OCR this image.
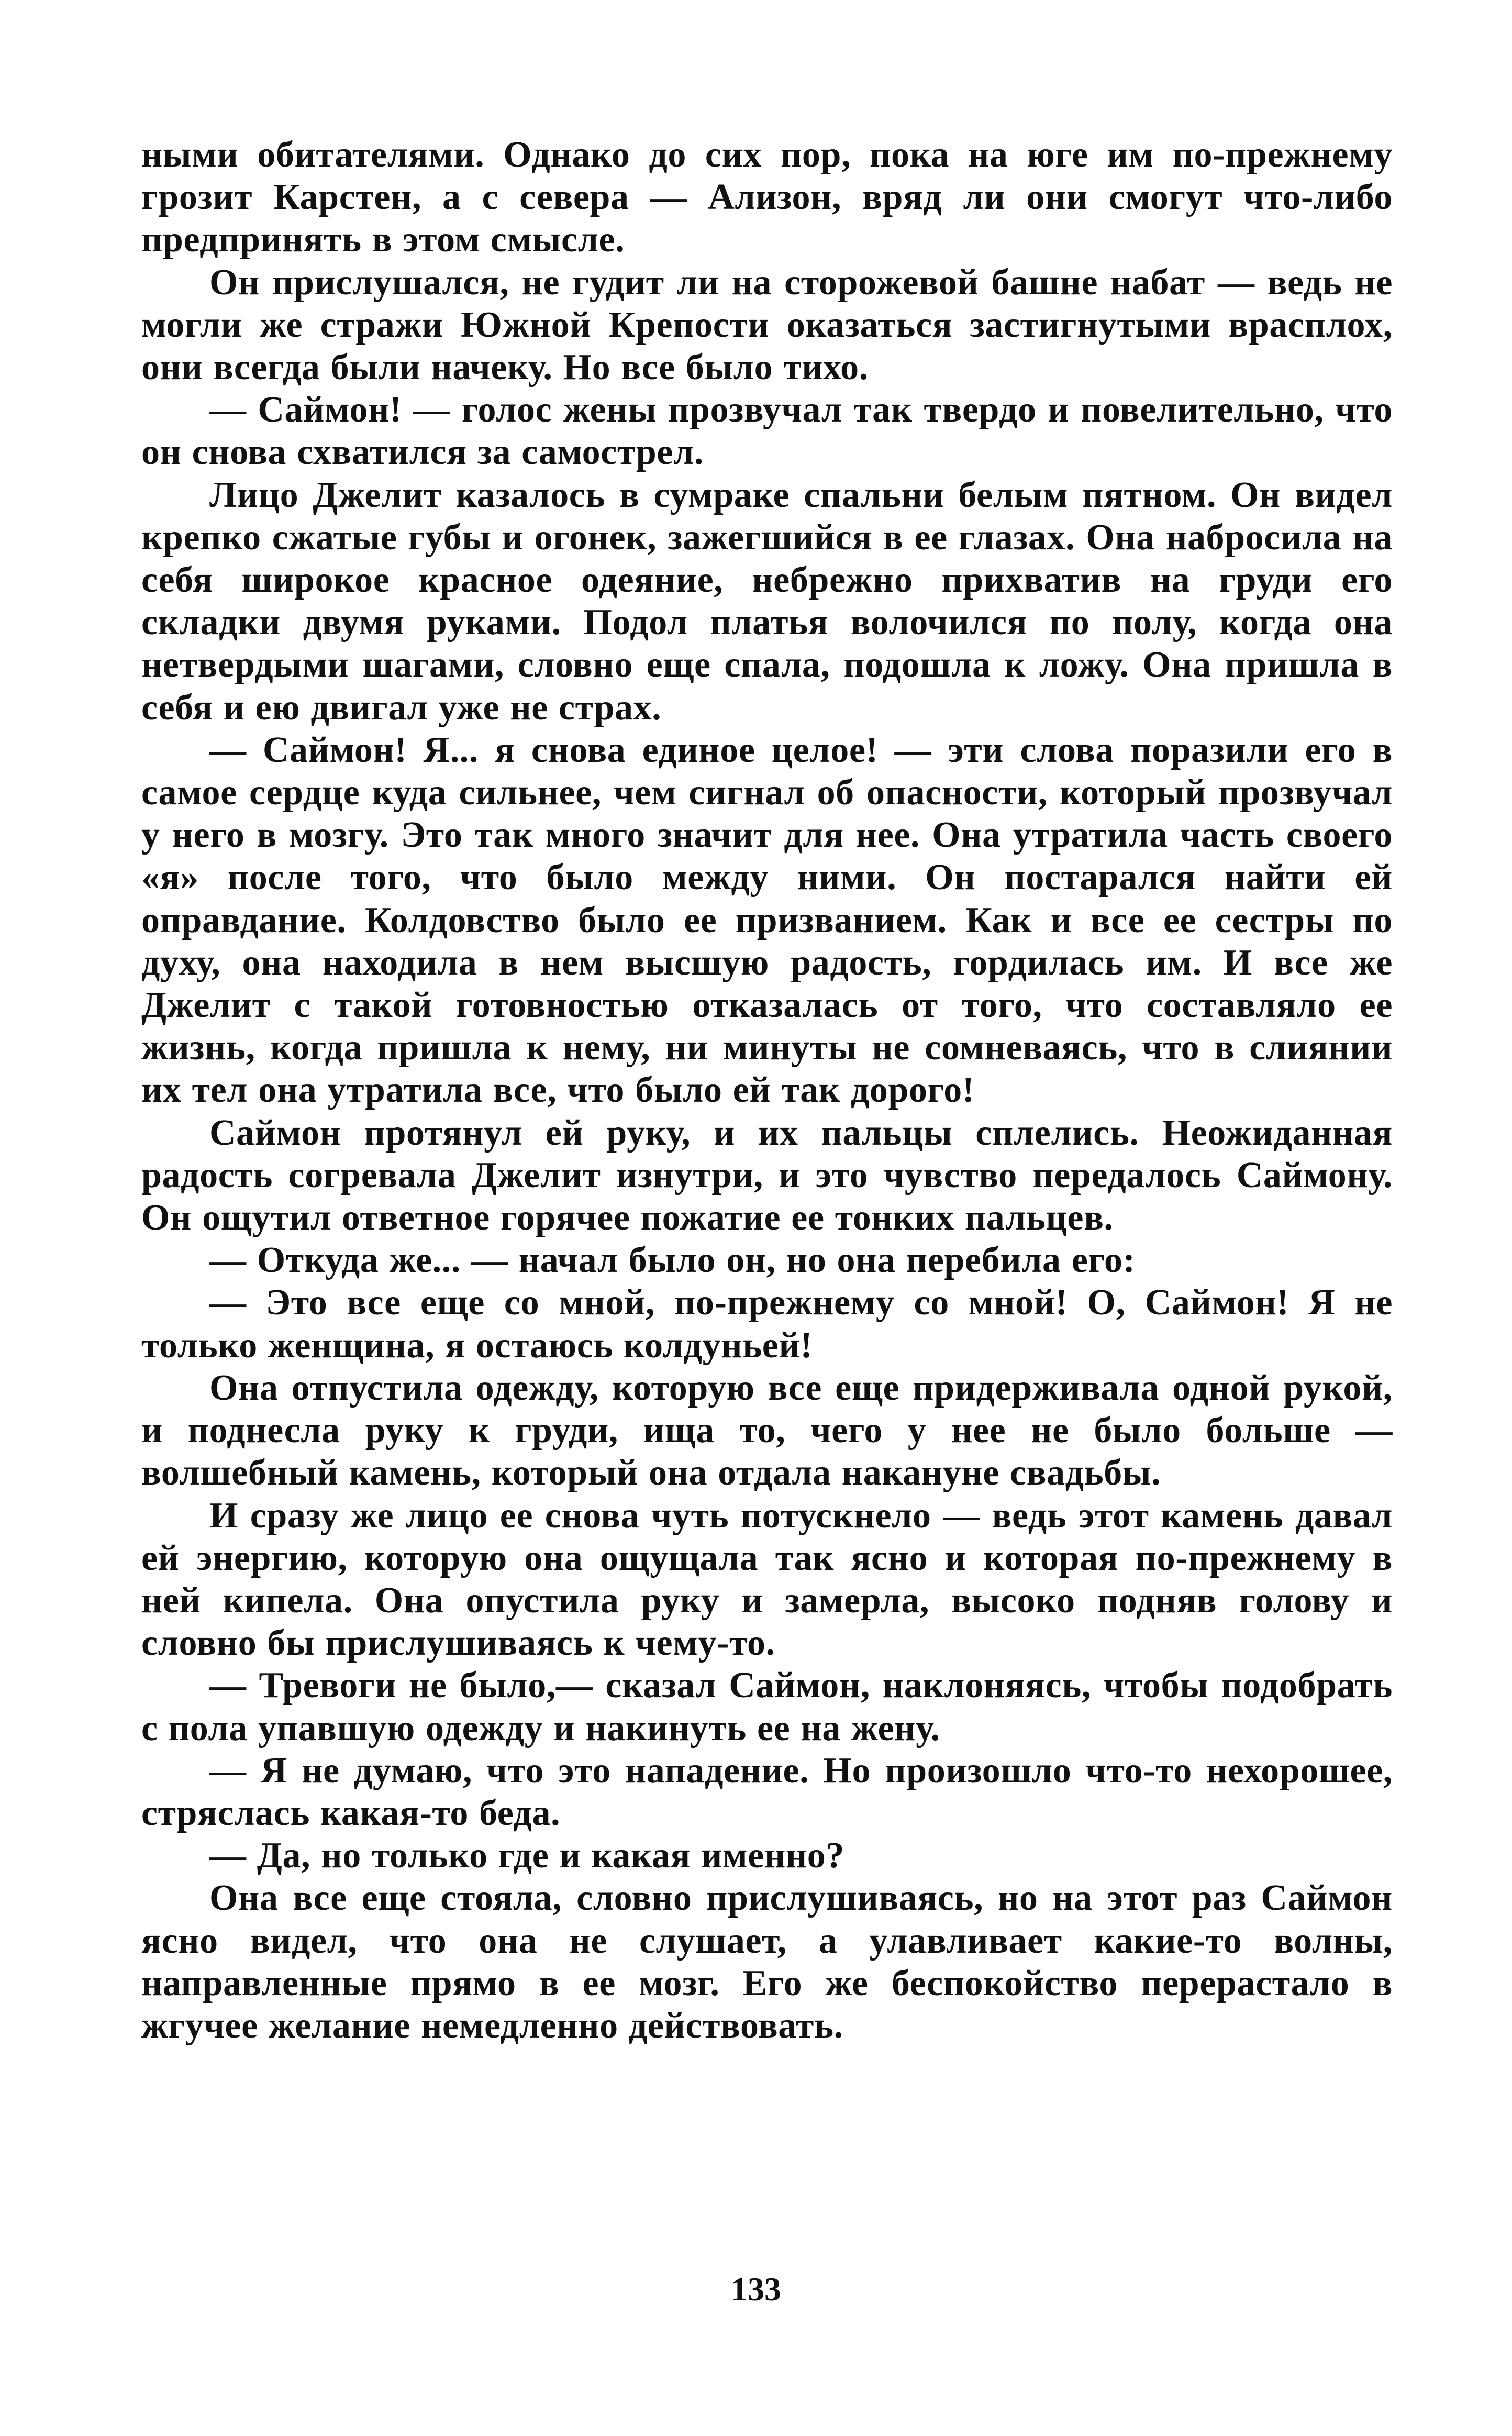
ными обитателями. Однако до сих пор, пока на юге им по-прежнему грозит Карстен, а с севера — Ализон, вряд ли они смогут что-либо предпринять в этом смысле.

Он прислушался, не гудит ли на сторожевой башне набат — ведь не могли же стражи Южной Крепости оказаться застигнутыми врасплох, они всегда были начеку. Но все было тихо.

— Саймон! — голос жены прозвучал так твердо и повелительно, что он снова схватился за самострел.

Лицо Джелит казалось в сумраке спальни белым пятном. Он видел крепко сжатые губы и огонек, зажегшийся в ее глазах. Она набросила на себя широкое красное одеяние, небрежно прихватив на груди его складки двумя руками. Подол платья волочился по полу, когда она нетвердыми шагами, словно еще спала, подошла к ложу. Она пришла в себя и ею двигал уже не страх.

— Саймон! Я... я снова единое целое! — эти слова поразили его в самое сердце куда сильнее, чем сигнал об опасности, который прозвучал у него в мозгу. Это так много значит для нее. Она утратила часть своего «я» после того, что было между ними. Он постарался найти ей оправдание. Колдовство было ее призванием. Как и все ее сестры по духу, она находила в нем высшую радость, гордилась им. И все же Джелит с такой готовностью отказалась от того, что составляло ее жизнь, когда пришла к нему, ни минуты не сомневаясь, что в слиянии их тел она утратила все, что было ей так дорого!

Саймон протянул ей руку, и их пальцы сплелись. Неожиданная радость согревала Джелит изнутри, и это чувство передалось Саймону. Он ощутил ответное горячее пожатие ее тонких пальцев.

— Откуда же... — начал было он, но она перебила его:

— Это все еще со мной, по-прежнему со мной! О, Саймон! Я не только женщина, я остаюсь колдуньей!

Она отпустила одежду, которую все еще придерживала одной рукой, и поднесла руку к груди, ища то, чего у нее не было больше — волшебный камень, который она отдала накануне свадьбы.

И сразу же лицо ее снова чуть потускнело — ведь этот камень давал ей энергию, которую она ощущала так ясно и которая по-прежнему в ней кипела. Она опустила руку и замерла, высоко подняв голову и словно бы прислушиваясь к чему-то.

— Тревоги не было,— сказал Саймон, наклоняясь, чтобы подобрать с пола упавшую одежду и накинуть ее на жену.

— Я не думаю, что это нападение. Но произошло что-то нехорошее, стряслась какая-то беда.

— Да, но только где и какая именно?

Она все еще стояла, словно прислушиваясь, но на этот раз Саймон ясно видел, что она не слушает, а улавливает какие-то волны, направленные прямо в ее мозг. Его же беспокойство перерастало в жгучее желание немедленно действовать.

133
